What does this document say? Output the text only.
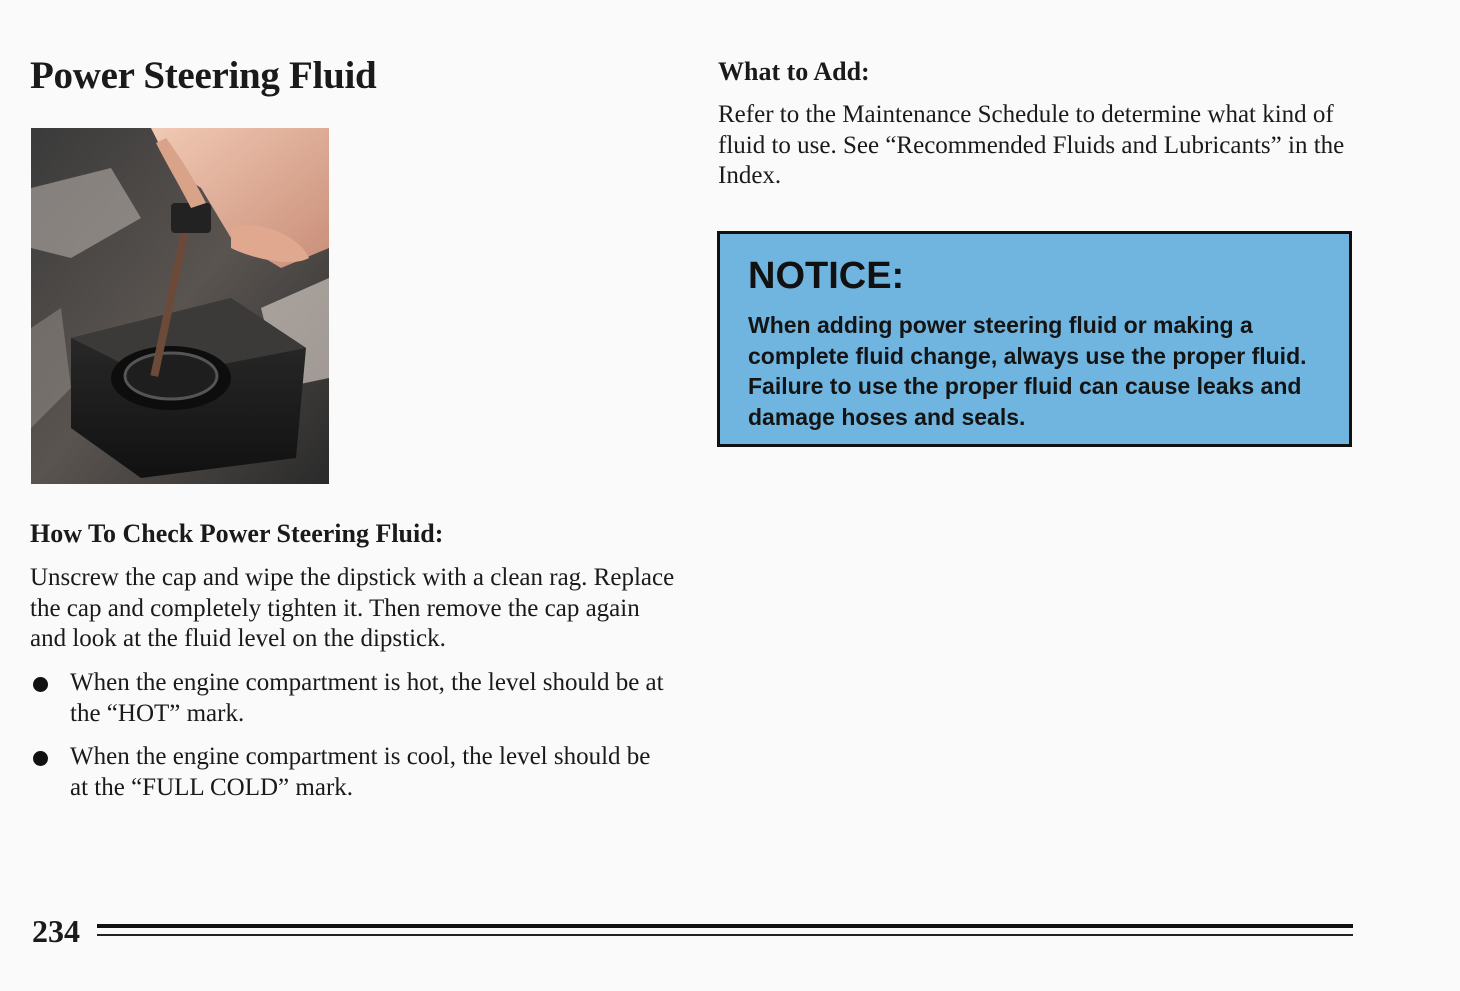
Power Steering Fluid
How To Check Power Steering Fluid:

Unscrew the cap and wipe the dipstick with a clean rag. Replace the cap and completely tighten it. Then remove the cap again and look at the fluid level on the dipstick.

When the engine compartment is hot, the level should be at the “HOT” mark.
When the engine compartment is cool, the level should be at the “FULL COLD” mark.
What to Add:

Refer to the Maintenance Schedule to determine what kind of fluid to use. See “Recommended Fluids and Lubricants” in the Index.

NOTICE:

When adding power steering fluid or making a complete fluid change, always use the proper fluid. Failure to use the proper fluid can cause leaks and damage hoses and seals.

234
